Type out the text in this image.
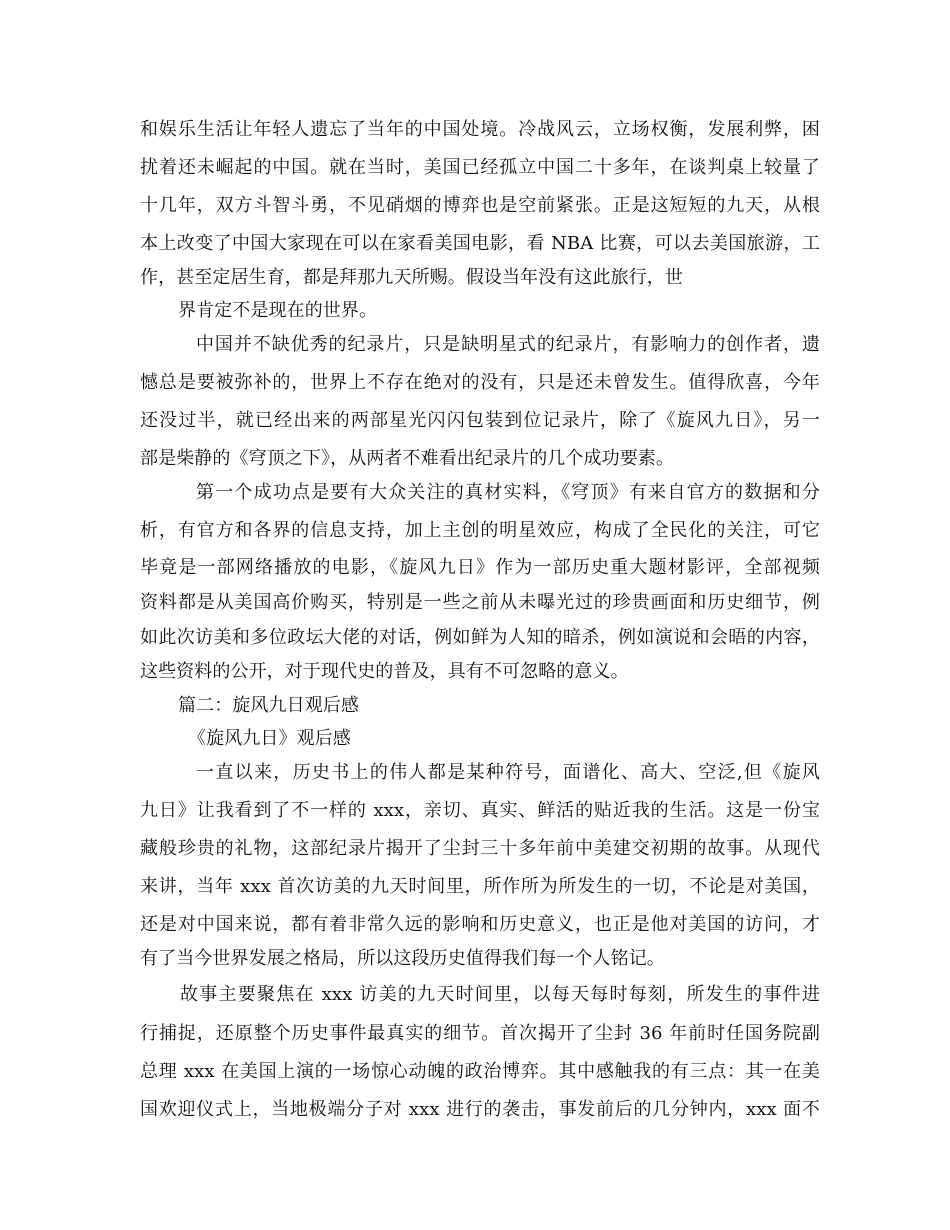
和娱乐生活让年轻人遗忘了当年的中国处境。冷战风云，立场权衡，发展利弊，困
扰着还未崛起的中国。就在当时，美国已经孤立中国二十多年，在谈判桌上较量了
十几年，双方斗智斗勇，不见硝烟的博弈也是空前紧张。正是这短短的九天，从根
本上改变了中国大家现在可以在家看美国电影，看 NBA 比赛，可以去美国旅游，工
作，甚至定居生育，都是拜那九天所赐。假设当年没有这此旅行，世
界肯定不是现在的世界。
中国并不缺优秀的纪录片，只是缺明星式的纪录片，有影响力的创作者，遗
憾总是要被弥补的，世界上不存在绝对的没有，只是还未曾发生。值得欣喜，今年
还没过半，就已经出来的两部星光闪闪包装到位记录片，除了《旋风九日》，另一
部是柴静的《穹顶之下》，从两者不难看出纪录片的几个成功要素。
第一个成功点是要有大众关注的真材实料，《穹顶》有来自官方的数据和分
析，有官方和各界的信息支持，加上主创的明星效应，构成了全民化的关注，可它
毕竟是一部网络播放的电影，《旋风九日》作为一部历史重大题材影评，全部视频
资料都是从美国高价购买，特别是一些之前从未曝光过的珍贵画面和历史细节，例
如此次访美和多位政坛大佬的对话，例如鲜为人知的暗杀，例如演说和会晤的内容，
这些资料的公开，对于现代史的普及，具有不可忽略的意义。
篇二：旋风九日观后感
《旋风九日》观后感
一直以来，历史书上的伟人都是某种符号，面谱化、高大、空泛,但《旋风
九日》让我看到了不一样的 xxx，亲切、真实、鲜活的贴近我的生活。这是一份宝
藏般珍贵的礼物，这部纪录片揭开了尘封三十多年前中美建交初期的故事。从现代
来讲，当年 xxx 首次访美的九天时间里，所作所为所发生的一切，不论是对美国，
还是对中国来说，都有着非常久远的影响和历史意义，也正是他对美国的访问，才
有了当今世界发展之格局，所以这段历史值得我们每一个人铭记。
故事主要聚焦在 xxx 访美的九天时间里，以每天每时每刻，所发生的事件进
行捕捉，还原整个历史事件最真实的细节。首次揭开了尘封 36 年前时任国务院副
总理 xxx 在美国上演的一场惊心动魄的政治博弈。其中感触我的有三点：其一在美
国欢迎仪式上，当地极端分子对 xxx 进行的袭击，事发前后的几分钟内，xxx 面不
